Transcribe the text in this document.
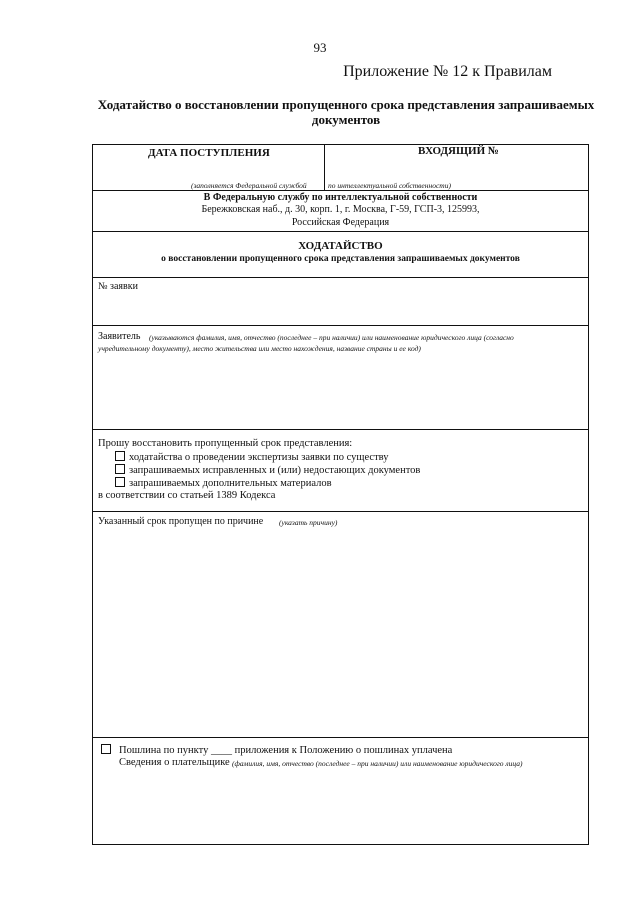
93
Приложение № 12 к Правилам
Ходатайство о восстановлении пропущенного срока представления запрашиваемых документов
ДАТА ПОСТУПЛЕНИЯ	ВХОДЯЩИЙ №
(заполняется Федеральной службой	по интеллектуальной собственности)
В Федеральную службу по интеллектуальной собственности
Бережковская наб., д. 30, корп. 1, г. Москва, Г-59, ГСП-3, 125993,
Российская Федерация
ХОДАТАЙСТВО
о восстановлении пропущенного срока представления запрашиваемых документов
№ заявки
Заявитель (указываются фамилия, имя, отчество (последнее – при наличии) или наименование юридического лица (согласно
учредительному документу), место жительства или место нахождения, название страны и ее код)
Прошу восстановить пропущенный срок представления:
ходатайства о проведении экспертизы заявки по существу
запрашиваемых исправленных и (или) недостающих документов
запрашиваемых дополнительных материалов
в соответствии со статьей 1389 Кодекса
Указанный срок пропущен по причине (указать причину)
Пошлина по пункту ____ приложения к Положению о пошлинах уплачена
Сведения о плательщике (фамилия, имя, отчество (последнее – при наличии) или наименование юридического лица)
